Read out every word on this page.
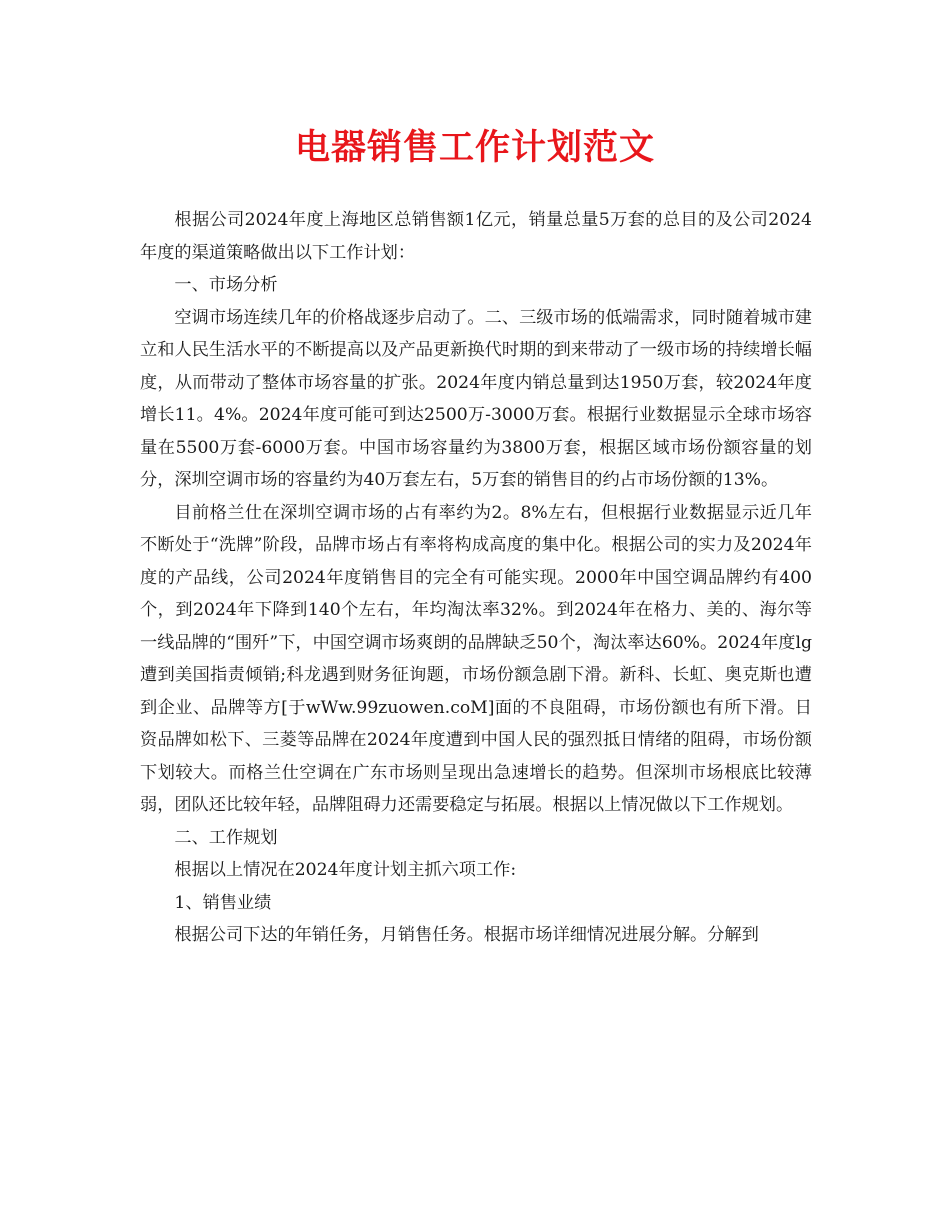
电器销售工作计划范文

根据公司2024年度上海地区总销售额1亿元，销量总量5万套的总目的及公司2024年度的渠道策略做出以下工作计划：

一、市场分析

空调市场连续几年的价格战逐步启动了。二、三级市场的低端需求，同时随着城市建立和人民生活水平的不断提高以及产品更新换代时期的到来带动了一级市场的持续增长幅度，从而带动了整体市场容量的扩张。2024年度内销总量到达1950万套，较2024年度增长11。4%。2024年度可能可到达2500万-3000万套。根据行业数据显示全球市场容量在5500万套-6000万套。中国市场容量约为3800万套，根据区域市场份额容量的划分，深圳空调市场的容量约为40万套左右，5万套的销售目的约占市场份额的13%。

目前格兰仕在深圳空调市场的占有率约为2。8%左右，但根据行业数据显示近几年不断处于“洗牌”阶段，品牌市场占有率将构成高度的集中化。根据公司的实力及2024年度的产品线，公司2024年度销售目的完全有可能实现。2000年中国空调品牌约有400个，到2024年下降到140个左右，年均淘汰率32%。到2024年在格力、美的、海尔等一线品牌的“围歼”下，中国空调市场爽朗的品牌缺乏50个，淘汰率达60%。2024年度lg遭到美国指责倾销;科龙遇到财务征询题，市场份额急剧下滑。新科、长虹、奥克斯也遭到企业、品牌等方[于wWw.99zuowen.coM]面的不良阻碍，市场份额也有所下滑。日资品牌如松下、三菱等品牌在2024年度遭到中国人民的强烈抵日情绪的阻碍，市场份额下划较大。而格兰仕空调在广东市场则呈现出急速增长的趋势。但深圳市场根底比较薄弱，团队还比较年轻，品牌阻碍力还需要稳定与拓展。根据以上情况做以下工作规划。

二、工作规划

根据以上情况在2024年度计划主抓六项工作:

1、销售业绩

根据公司下达的年销任务，月销售任务。根据市场详细情况进展分解。分解到
